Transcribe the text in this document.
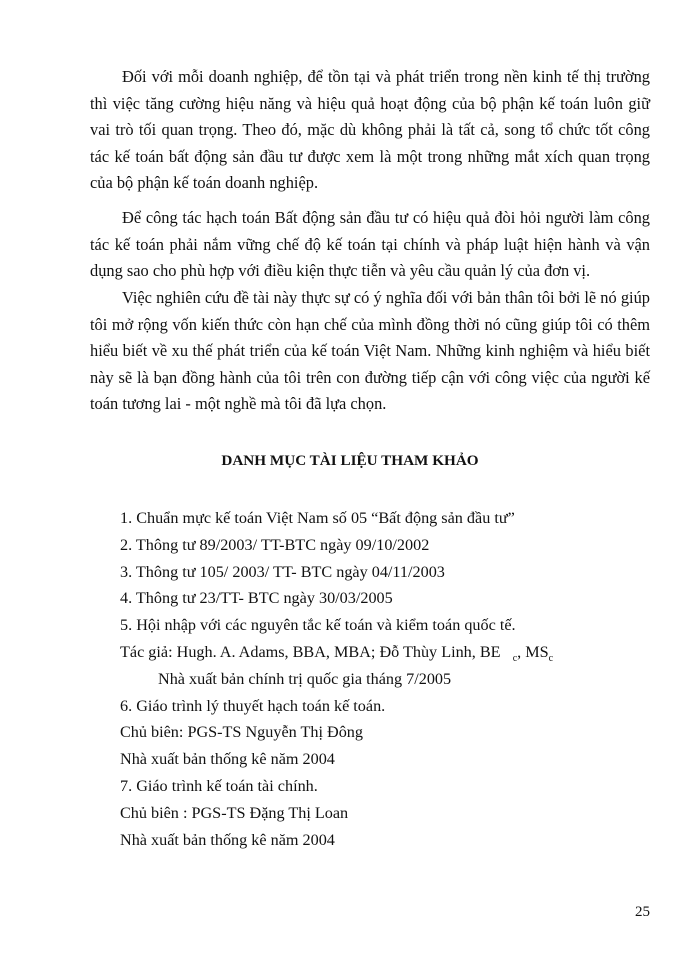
Đối với mỗi doanh nghiệp, để tồn tại và phát triển trong nền kinh tế thị trường thì việc tăng cường hiệu năng và hiệu quả hoạt động của bộ phận kế toán luôn giữ vai trò tối quan trọng. Theo đó, mặc dù không phải là tất cả, song tổ chức tốt công tác kế toán bất động sản đầu tư được xem là một trong những mắt xích quan trọng của bộ phận kế toán doanh nghiệp.

Để công tác hạch toán Bất động sản đầu tư có hiệu quả đòi hỏi người làm công tác kế toán phải nắm vững chế độ kế toán tại chính và pháp luật hiện hành và vận dụng sao cho phù hợp với điều kiện thực tiễn và yêu cầu quản lý của đơn vị.

Việc nghiên cứu đề tài này thực sự có ý nghĩa đối với bản thân tôi bởi lẽ nó giúp tôi mở rộng vốn kiến thức còn hạn chế của mình đồng thời nó cũng giúp tôi có thêm hiểu biết về xu thế phát triển của kế toán Việt Nam. Những kinh nghiệm và hiểu biết này sẽ là bạn đồng hành của tôi trên con đường tiếp cận với công việc của người kế toán tương lai - một nghề mà tôi đã lựa chọn.

DANH MỤC TÀI LIỆU THAM KHẢO
1. Chuẩn mực kế toán Việt Nam số 05 “Bất động sản đầu tư”
2. Thông tư 89/2003/ TT-BTC ngày 09/10/2002
3. Thông tư 105/ 2003/ TT- BTC ngày 04/11/2003
4. Thông tư 23/TT- BTC ngày 30/03/2005
5. Hội nhập với các nguyên tắc kế toán và kiểm toán quốc tế.
Tác giả: Hugh. A. Adams, BBA, MBA; Đỗ Thùy Linh, BE $_c$, $MS_c$
Nhà xuất bản chính trị quốc gia tháng 7/2005
6. Giáo trình lý thuyết hạch toán kế toán.
Chủ biên: PGS-TS Nguyễn Thị Đông
Nhà xuất bản thống kê năm 2004
7. Giáo trình kế toán tài chính.
Chủ biên : PGS-TS Đặng Thị Loan
Nhà xuất bản thống kê năm 2004
25
